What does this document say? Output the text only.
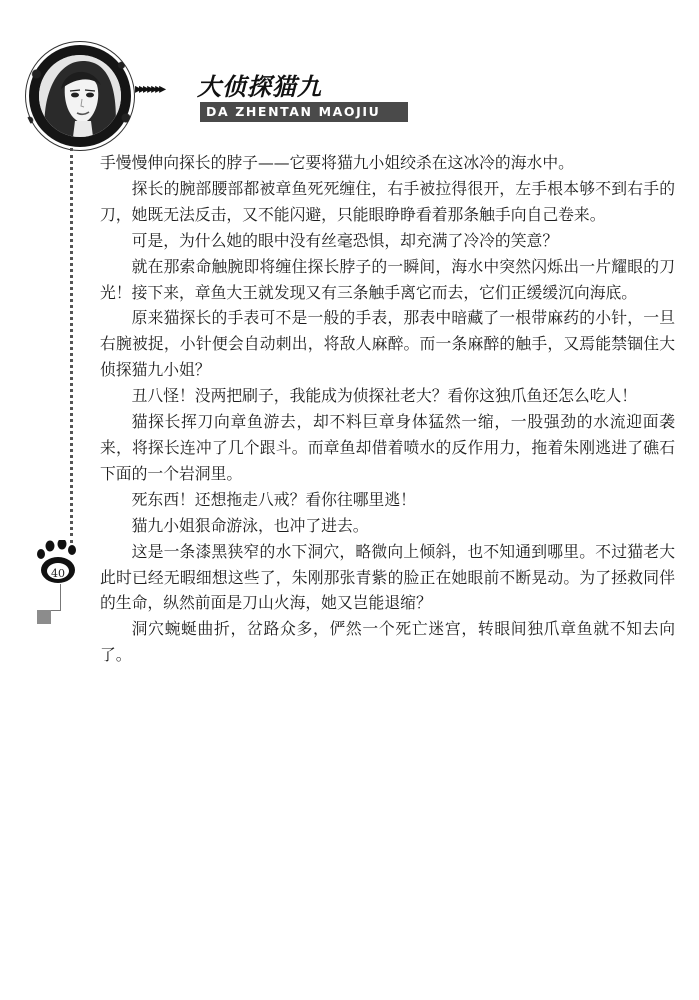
▸▸▸▸▸▸▸ 大侦探猫九
DA ZHENTAN MAOJIU
40

手慢慢伸向探长的脖子——它要将猫九小姐绞杀在这冰冷的海水中。

探长的腕部腰部都被章鱼死死缠住，右手被拉得很开，左手根本够不到右手的刀，她既无法反击，又不能闪避，只能眼睁睁看着那条触手向自己卷来。

可是，为什么她的眼中没有丝毫恐惧，却充满了冷冷的笑意？

就在那索命触腕即将缠住探长脖子的一瞬间，海水中突然闪烁出一片耀眼的刀光！接下来，章鱼大王就发现又有三条触手离它而去，它们正缓缓沉向海底。

原来猫探长的手表可不是一般的手表，那表中暗藏了一根带麻药的小针，一旦右腕被捉，小针便会自动刺出，将敌人麻醉。而一条麻醉的触手，又焉能禁锢住大侦探猫九小姐？

丑八怪！没两把刷子，我能成为侦探社老大？看你这独爪鱼还怎么吃人！

猫探长挥刀向章鱼游去，却不料巨章身体猛然一缩，一股强劲的水流迎面袭来，将探长连冲了几个跟斗。而章鱼却借着喷水的反作用力，拖着朱刚逃进了礁石下面的一个岩洞里。

死东西！还想拖走八戒？看你往哪里逃！

猫九小姐狠命游泳，也冲了进去。

这是一条漆黑狭窄的水下洞穴，略微向上倾斜，也不知通到哪里。不过猫老大此时已经无暇细想这些了，朱刚那张青紫的脸正在她眼前不断晃动。为了拯救同伴的生命，纵然前面是刀山火海，她又岂能退缩？

洞穴蜿蜒曲折，岔路众多，俨然一个死亡迷宫，转眼间独爪章鱼就不知去向了。
